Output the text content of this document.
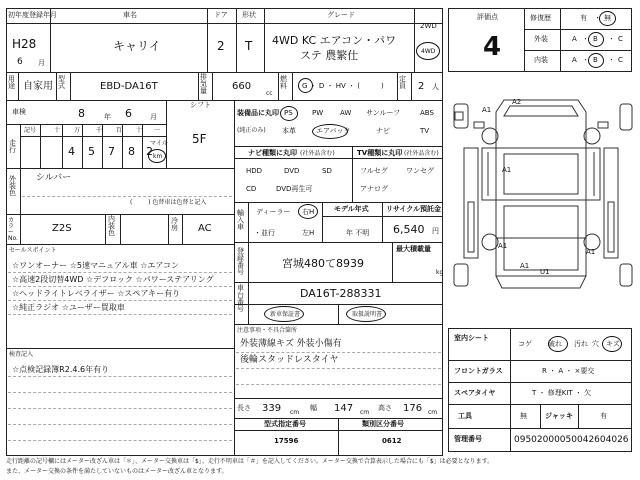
初年度登録年月	車名	ドア 形状	グレード
2WD
H28
6 月
キャリイ	2 T 4WD KC エアコン・パワ
ステ 農繁仕	4WD
用途 自家用
型式	EBD-DA16T
排気量	660
cc
燃料 G ・ D ・ HV ・ (　　　)
定員 2 人
車検	8	年 6	月
シフト
5F
走行
記号	十 万	千 百 十 一
4 5 7 8 2
マイル
km
外装色
シルバー
( 　　 ) 色替車は色替と記入
カラー No.
Z2S
内装色
冷房 AC
セールスポイント
☆ワンオーナー ☆5速マニュアル車 ☆エアコン
☆高速2段切替4WD ☆デフロック ☆パワーステアリング
☆ヘッドライトレベライザー ☆スペアキー有り
☆純正ラジオ ☆ユーザー買取車
検査記入
☆点検記録簿R2.4.6年有り
装備品に丸印
(純正のみ)
PS	PW AW サンルーフ	ABS
本革	エアバック	ナビ	TV
ナビ種類に丸印 (社外品含む)	TV種類に丸印 (社外品含む)
HDD	DVD	SD
CD	DVD再生可
フルセグ	ワンセグ
アナログ
輸入車
ディーラー
・並行
右H
左H
モデル年式
年 不明
リサイクル預託金
6,540 円
登録番号
宮城480て8939
最大積載量
kg
車台番号
DA16T-288331
新車保証書	取扱説明書
注意事項・不具合箇所
外装薄線キズ 外装小傷有
後輪スタッドレスタイヤ
長さ 339 cm
幅 147 cm
高さ 176 cm
型式指定番号
17596
類別区分番号
0612
評価点
4
修復歴
外装
内装
有 ・ 無
A ・ B ・ C
A ・ B ・ C
A2
A1
A1
A1
A1
U1
A1
室内シート
コゲ 破れ 汚れ 穴 キズ
フロントガラス	R ・ A ・ ×要交
スペアタイヤ	T ・ 修理KIT ・ 欠
工具	無	ジャッキ	有
管理番号	09502000050042604026
走行距離の記号欄にはメーター改ざん車は「＊」、メーター交換車は「$」、走行不明車は「＃」を記入してください。メーター交換で合算表示した場合にも「$」は必要となります。
また、メーター交換の条件を満たしていないものはメーター改ざん車となります。
